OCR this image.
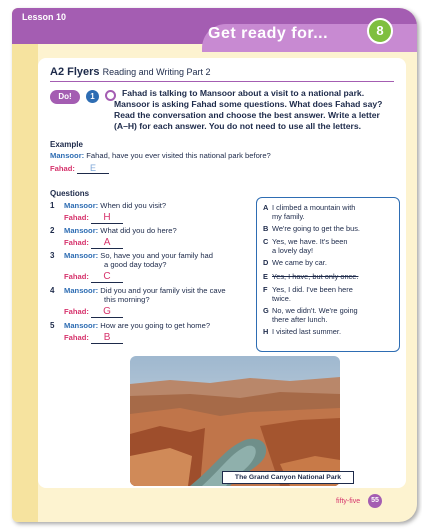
Lesson 10
Get ready for...	8
A2 Flyers Reading and Writing Part 2
Do!	1	Fahad is talking to Mansoor about a visit to a national park. Mansoor is asking Fahad some questions. What does Fahad say? Read the conversation and choose the best answer. Write a letter (A–H) for each answer. You do not need to use all the letters.
Example
Mansoor: Fahad, have you ever visited this national park before?
Fahad: E
Questions
1 Mansoor: When did you visit?
Fahad: H
2 Mansoor: What did you do here?
Fahad: A
3 Mansoor: So, have you and your family had
a good day today?
Fahad: C
4 Mansoor: Did you and your family visit the cave
this morning?
Fahad: G
5 Mansoor: How are you going to get home?
Fahad: B
A I climbed a mountain with
my family.
B We're going to get the bus.
C Yes, we have. It's been
a lovely day!
D We came by car.
E Yes, I have, but only once.
F Yes, I did. I've been here
twice.
G No, we didn't. We're going
there after lunch.
H I visited last summer.
The Grand Canyon National Park
fifty-five	55
